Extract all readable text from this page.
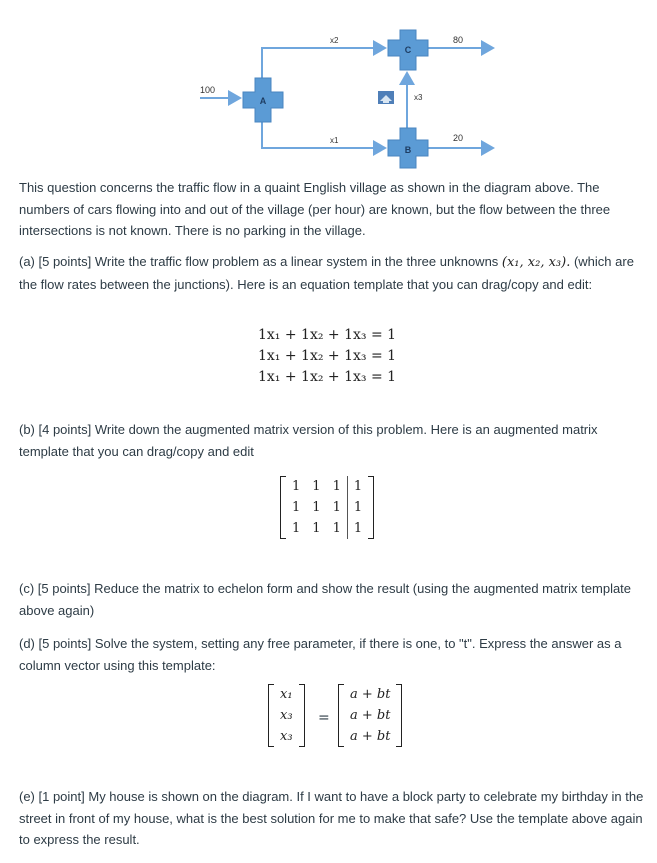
A
C
B
100
80
20
x2
x1
x3

This question concerns the traffic flow in a quaint English village as shown in the diagram above. The numbers of cars flowing into and out of the village (per hour) are known, but the flow between the three intersections is not known. There is no parking in the village.

(a) [5 points] Write the traffic flow problem as a linear system in the three unknowns (x₁, x₂, x₃). (which are the flow rates between the junctions). Here is an equation template that you can drag/copy and edit:

1x₁ + 1x₂ + 1x₃ = 1
1x₁ + 1x₂ + 1x₃ = 1
1x₁ + 1x₂ + 1x₃ = 1

(b) [4 points] Write down the augmented matrix version of this problem. Here is an augmented matrix template that you can drag/copy and edit

1	1	1	1
1	1	1	1
1	1	1	1

(c) [5 points] Reduce the matrix to echelon form and show the result (using the augmented matrix template above again)

(d) [5 points] Solve the system, setting any free parameter, if there is one, to "t". Express the answer as a column vector using this template:

x₁
x₃
x₃
=
a + bt
a + bt
a + bt

(e) [1 point] My house is shown on the diagram. If I want to have a block party to celebrate my birthday in the street in front of my house, what is the best solution for me to make that safe? Use the template above again to express the result.
